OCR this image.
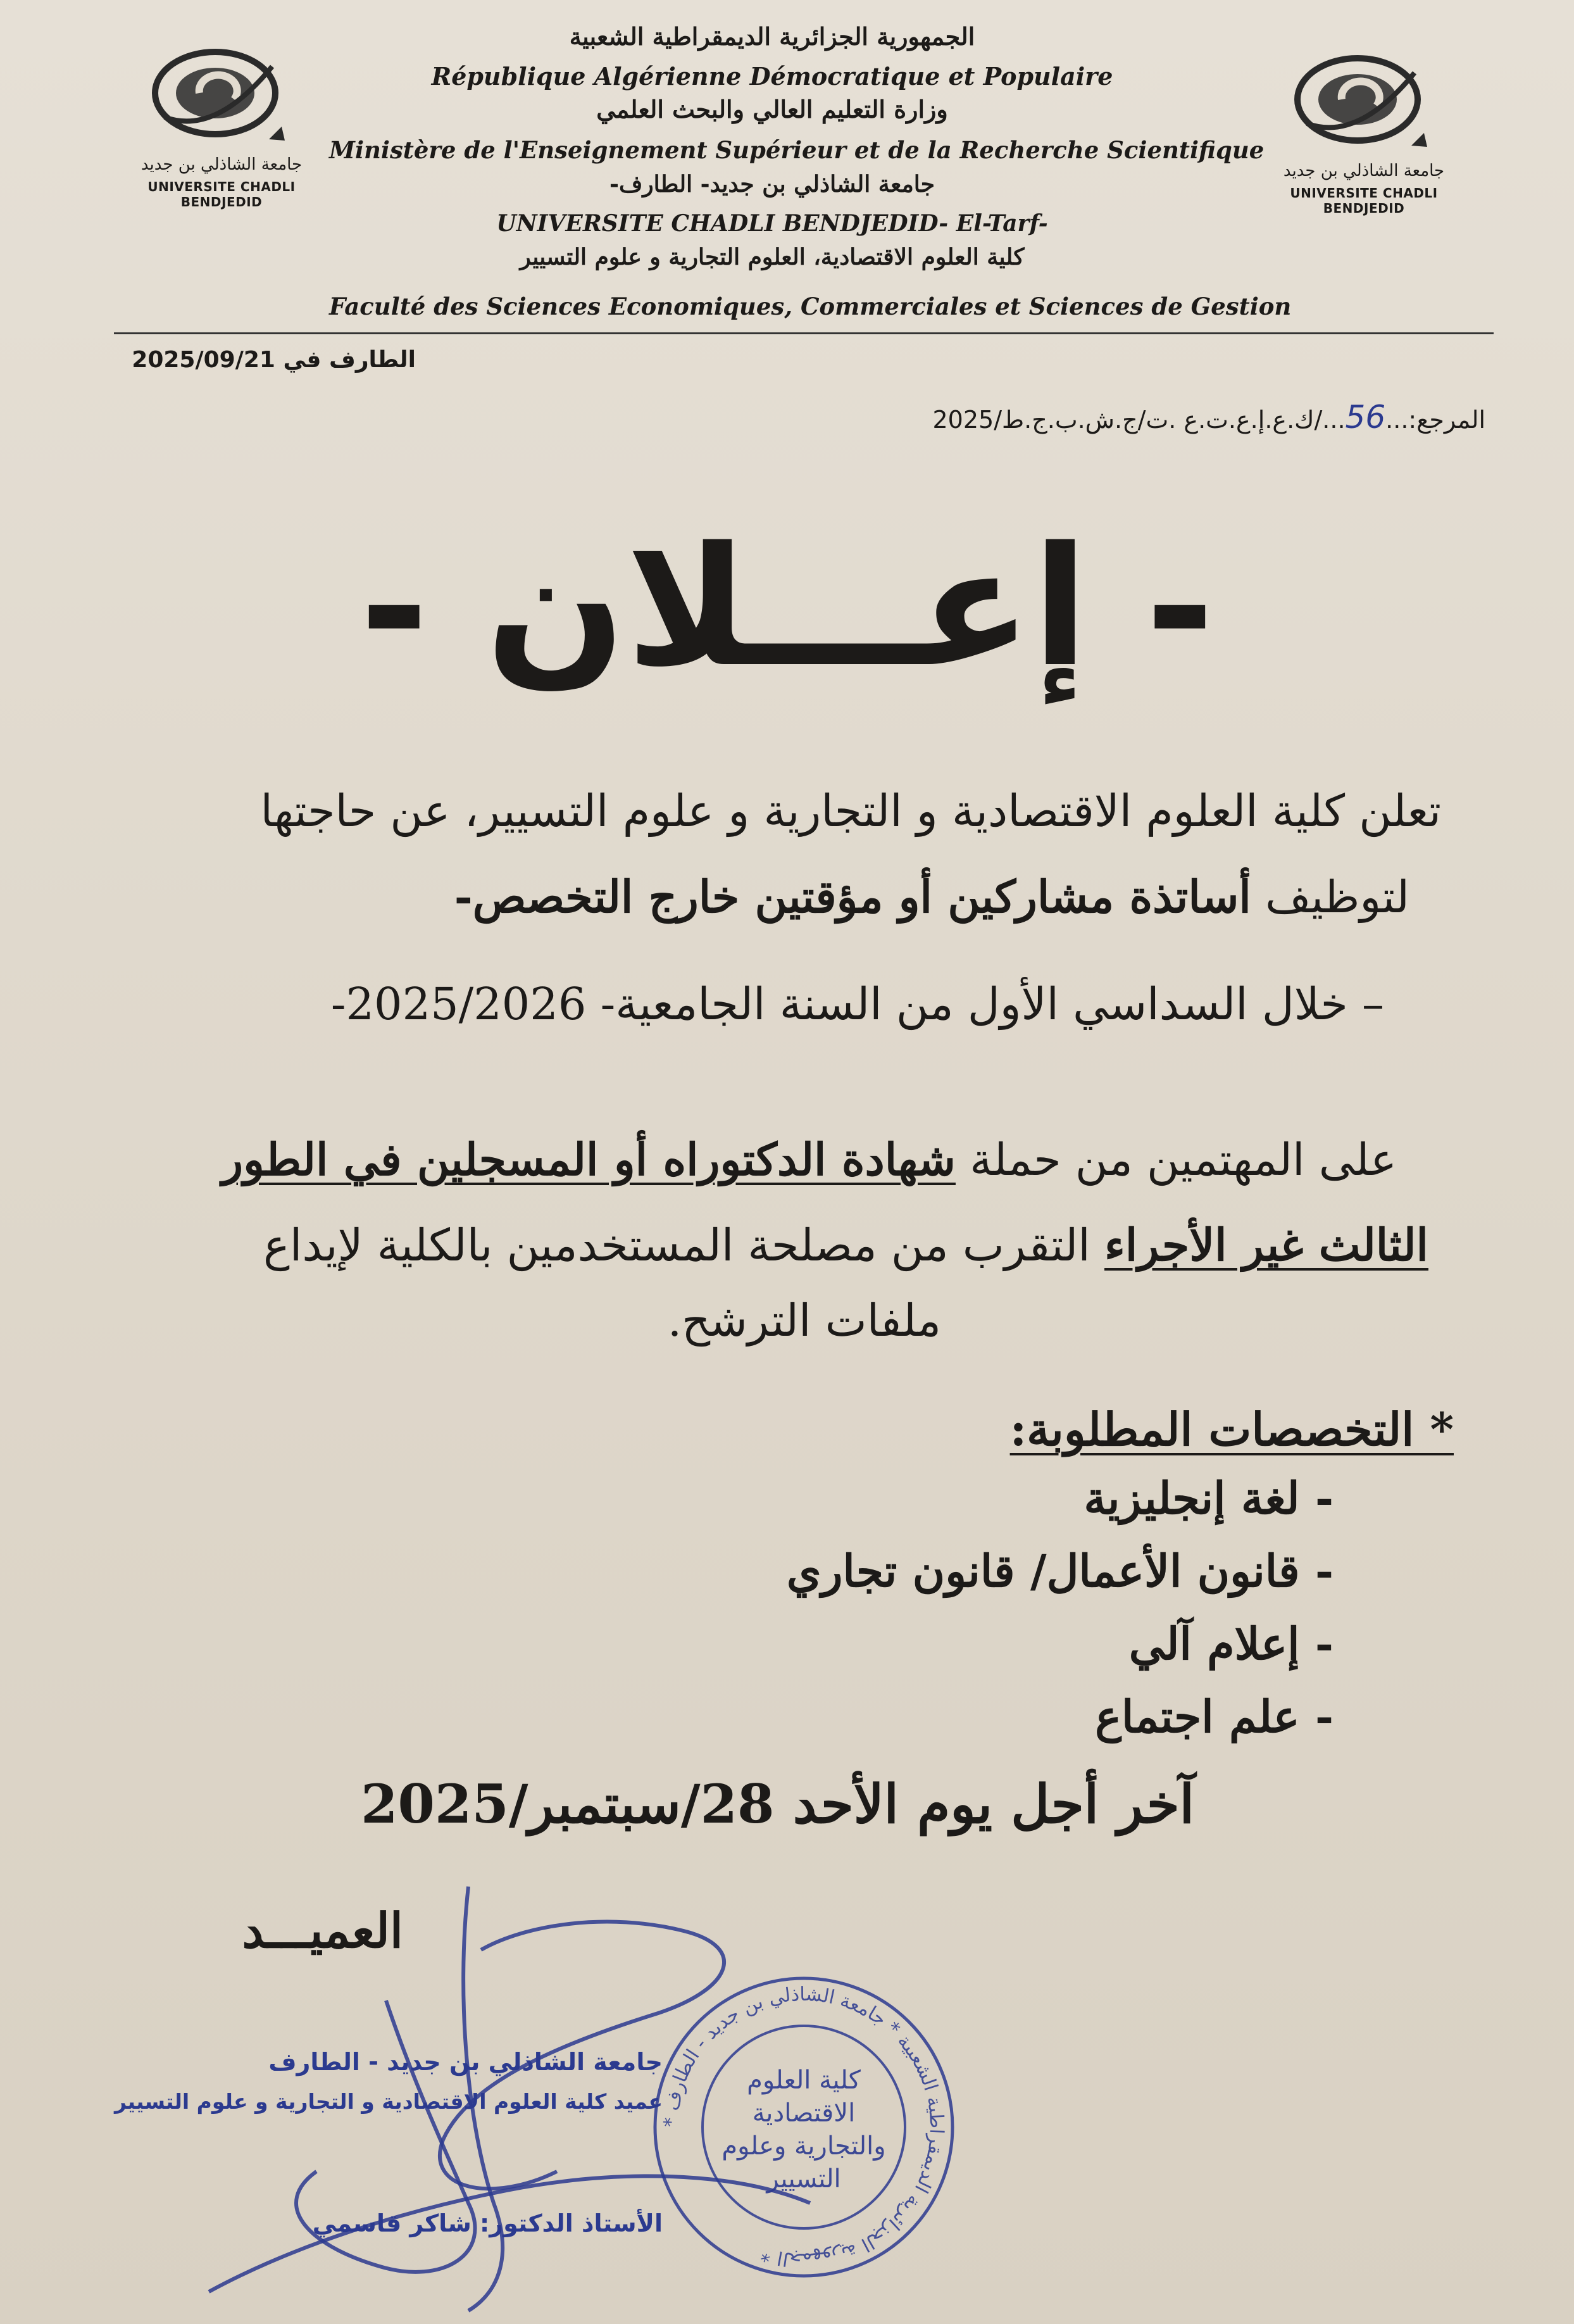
جامعة الشاذلي بن جديد
UNIVERSITE CHADLI BENDJEDID
جامعة الشاذلي بن جديد
UNIVERSITE CHADLI BENDJEDID
الجمهورية الجزائرية الديمقراطية الشعبية
République Algérienne Démocratique et Populaire
وزارة التعليم العالي والبحث العلمي
Ministère de l'Enseignement Supérieur et de la Recherche Scientifique
جامعة الشاذلي بن جديد- الطارف-
UNIVERSITE CHADLI BENDJEDID- El-Tarf-
كلية العلوم الاقتصادية، العلوم التجارية و علوم التسيير
Faculté des Sciences Economiques, Commerciales et Sciences de Gestion
الطارف في 2025/09/21
المرجع:...56.../ك.ع.إ.ع.ت.ع .ت/ج.ش.ب.ج.ط/2025
- إعـــلان -
تعلن كلية العلوم الاقتصادية و التجارية و علوم التسيير، عن حاجتها
لتوظيف أساتذة مشاركين أو مؤقتين خارج التخصص-
– خلال السداسي الأول من السنة الجامعية- 2025/2026-
على المهتمين من حملة شهادة الدكتوراه أو المسجلين في الطور
الثالث غير الأجراء التقرب من مصلحة المستخدمين بالكلية لإيداع
ملفات الترشح.
* التخصصات المطلوبة:
- لغة إنجليزية
- قانون الأعمال/ قانون تجاري
- إعلام آلي
- علم اجتماع
آخر أجل يوم الأحد 28/سبتمبر/2025
العميـــد
جامعة الشاذلي بن جديد - الطارف
عميد كلية العلوم الاقتصادية و التجارية و علوم التسيير
الأستاذ الدكتور: شاكر قاسمي
* الجمهورية الجزائرية الديمقراطية الشعبية * جامعة الشاذلي بن جديد - الطارف *
كلية العلوم
الاقتصادية
والتجارية وعلوم
التسيير
